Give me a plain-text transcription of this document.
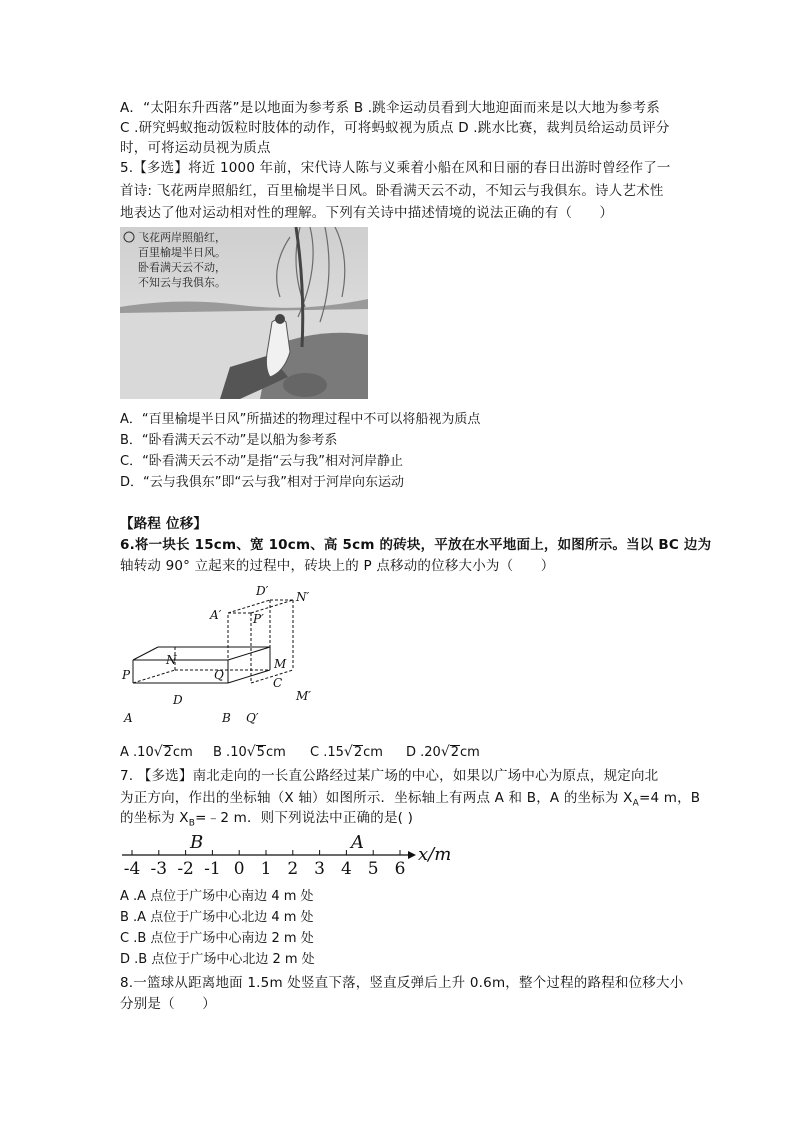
A．“太阳东升西落”是以地面为参考系 B .跳伞运动员看到大地迎面而来是以大地为参考系
C .研究蚂蚁拖动饭粒时肢体的动作，可将蚂蚁视为质点 D .跳水比赛，裁判员给运动员评分
时，可将运动员视为质点
5.【多选】将近 1000 年前，宋代诗人陈与义乘着小船在风和日丽的春日出游时曾经作了一
首诗: 飞花两岸照船红，百里榆堤半日风。卧看满天云不动，不知云与我俱东。诗人艺术性
地表达了他对运动相对性的理解。下列有关诗中描述情境的说法正确的有（　　）
飞花两岸照船红，
百里榆堤半日风。
卧看满天云不动，
不知云与我俱东。
A．“百里榆堤半日风”所描述的物理过程中不可以将船视为质点
B．“卧看满天云不动”是以船为参考系
C．“卧看满天云不动”是指“云与我”相对河岸静止
D．“云与我俱东”即“云与我”相对于河岸向东运动
【路程 位移】
6.将一块长 15cm、宽 10cm、高 5cm 的砖块，平放在水平地面上，如图所示。当以 BC 边为
轴转动 90° 立起来的过程中，砖块上的 P 点移动的位移大小为（　　）
D′ N′
A′	P′
N	M
P	Q
C
M′
D
A	B Q′
A .10√2cm B .10√5cm C .15√2cm D .20√2cm
7. 【多选】南北走向的一长直公路经过某广场的中心，如果以广场中心为原点，规定向北
为正方向，作出的坐标轴（X 轴）如图所示．坐标轴上有两点 A 和 B，A 的坐标为 $X_A=4$ m，B
的坐标为 $X_B=﹣2$ m．则下列说法中正确的是( )
-4 -3 -2 -1 0 1 2 3 4 5 6
B	A
x/m
A .A 点位于广场中心南边 4 m 处
B .A 点位于广场中心北边 4 m 处
C .B 点位于广场中心南边 2 m 处
D .B 点位于广场中心北边 2 m 处
8.一篮球从距离地面 1.5m 处竖直下落，竖直反弹后上升 0.6m，整个过程的路程和位移大小
分别是（　　）
